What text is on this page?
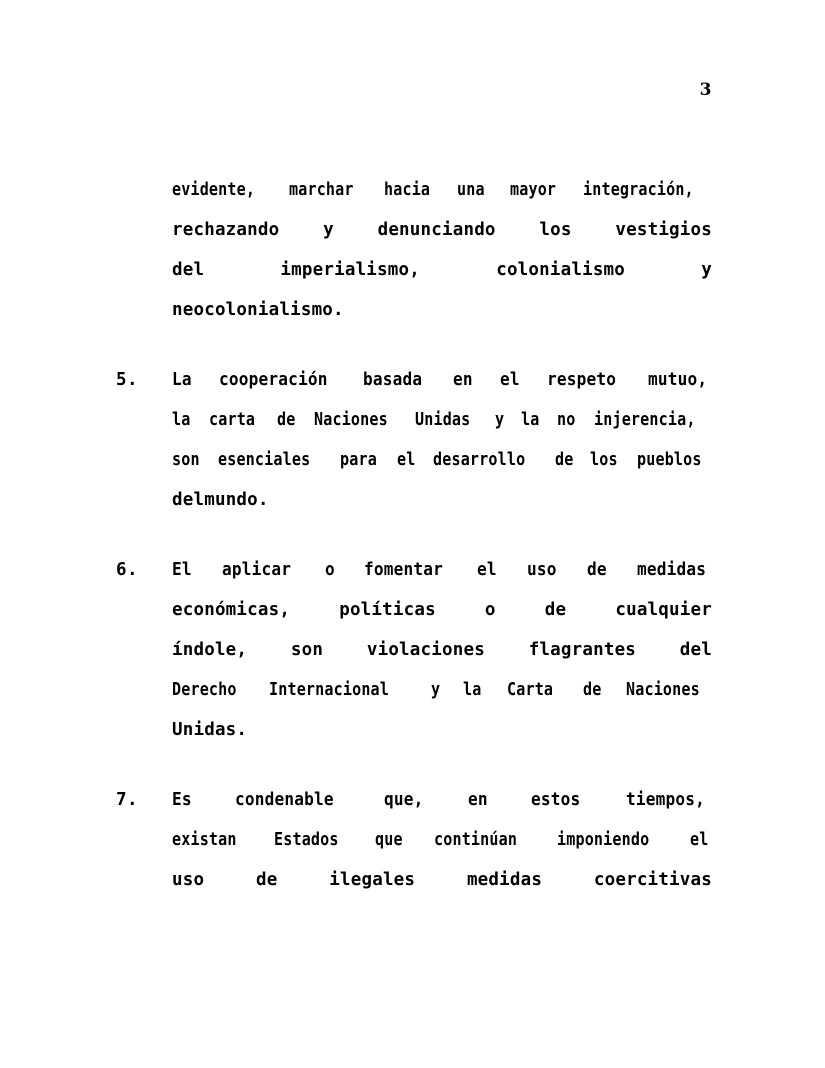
3
evidente, marchar hacia una mayor integración,
rechazando y denunciando los vestigios
del	imperialismo,	colonialismo	y
neocolonialismo.
5.	La cooperación basada en el respeto mutuo,
la carta de Naciones Unidas y la no injerencia,
son esenciales para el desarrollo de los pueblos
del mundo.
6.	El aplicar o fomentar el uso de medidas
económicas,	políticas	o	de	cualquier
índole, son violaciones flagrantes del
Derecho Internacional y la Carta de Naciones
Unidas.
7.	Es condenable	que,	en estos	tiempos,
existan Estados que continúan imponiendo el
uso	de	ilegales	medidas	coercitivas
